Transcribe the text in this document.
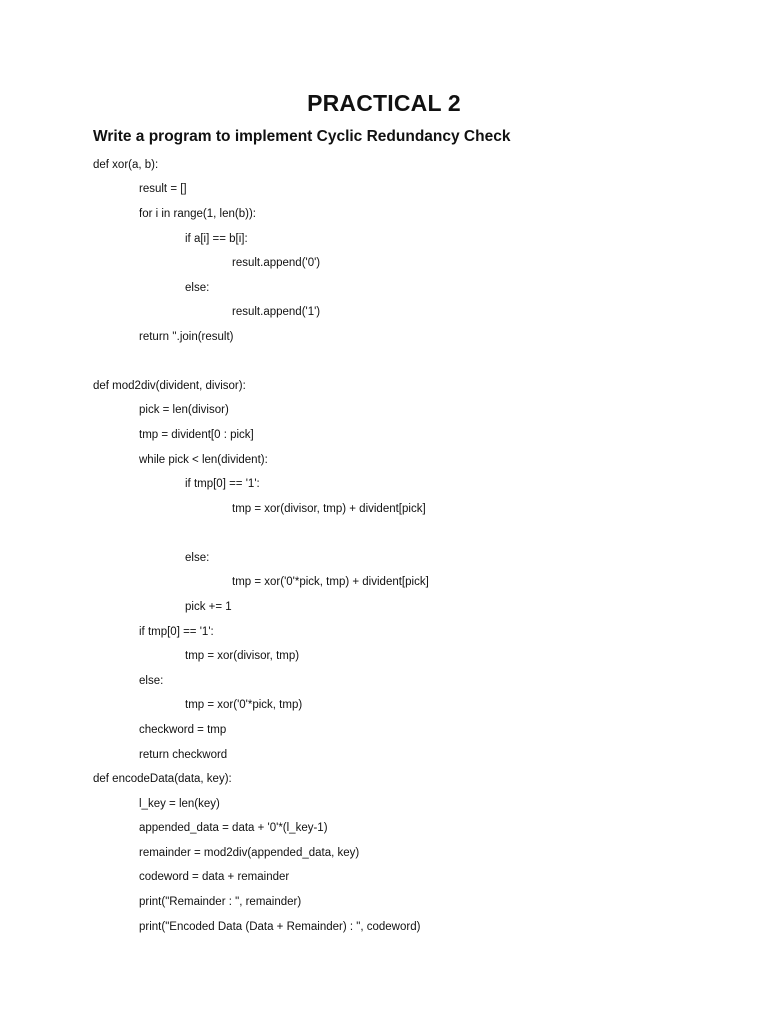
PRACTICAL 2
Write a program to implement Cyclic Redundancy Check
def xor(a, b):
result = []
for i in range(1, len(b)):
if a[i] == b[i]:
result.append('0')
else:
result.append('1')
return ''.join(result)
def mod2div(divident, divisor):
pick = len(divisor)
tmp = divident[0 : pick]
while pick < len(divident):
if tmp[0] == '1':
tmp = xor(divisor, tmp) + divident[pick]
else:
tmp = xor('0'*pick, tmp) + divident[pick]
pick += 1
if tmp[0] == '1':
tmp = xor(divisor, tmp)
else:
tmp = xor('0'*pick, tmp)
checkword = tmp
return checkword
def encodeData(data, key):
l_key = len(key)
appended_data = data + '0'*(l_key-1)
remainder = mod2div(appended_data, key)
codeword = data + remainder
print("Remainder : ", remainder)
print("Encoded Data (Data + Remainder) : ", codeword)
